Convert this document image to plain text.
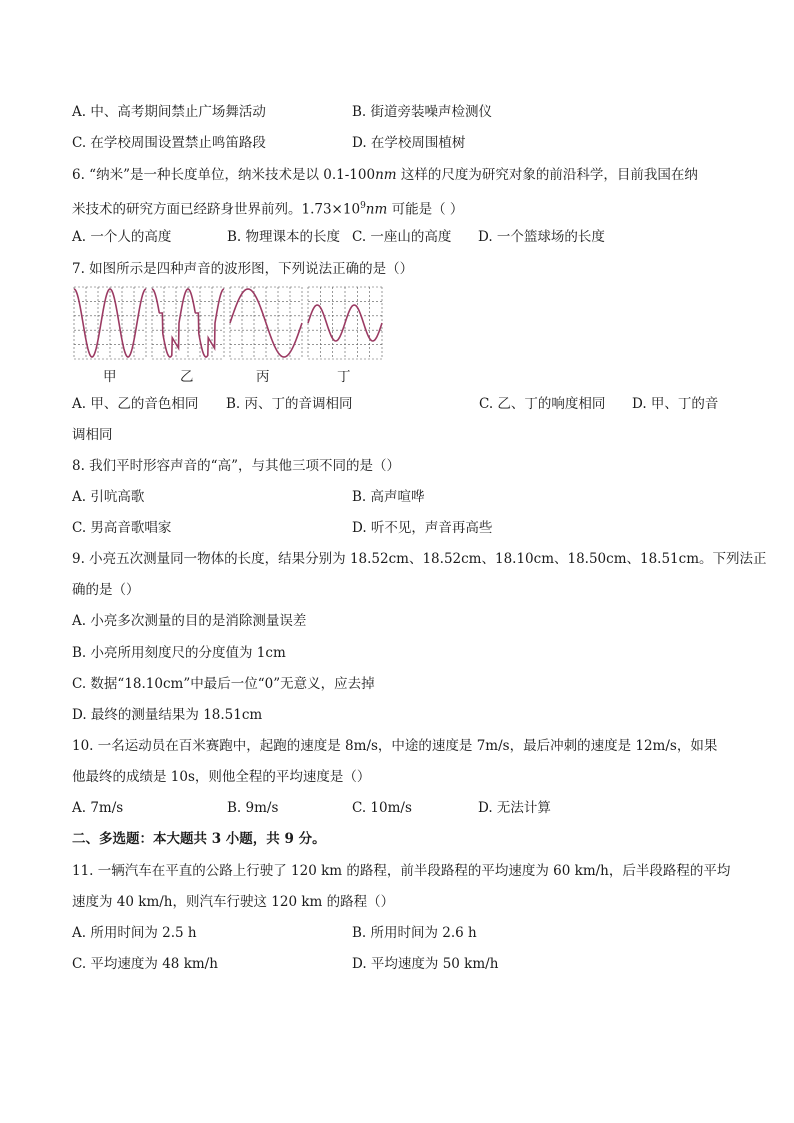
A. 中、高考期间禁止广场舞活动	B. 街道旁装噪声检测仪
C. 在学校周围设置禁止鸣笛路段	D. 在学校周围植树
6. “纳米”是一种长度单位，纳米技术是以 0.1-100nm 这样的尺度为研究对象的前沿科学，目前我国在纳
米技术的研究方面已经跻身世界前列。$1.73\times 10^9nm$ 可能是（ ）
A. 一个人的高度	B. 物理课本的长度 C. 一座山的高度 D. 一个篮球场的长度
7. 如图所示是四种声音的波形图，下列说法正确的是（）
甲	乙	丙	丁
A. 甲、乙的音色相同 B. 丙、丁的音调相同	C. 乙、丁的响度相同 D. 甲、丁的音
调相同
8. 我们平时形容声音的“高”，与其他三项不同的是（）
A. 引吭高歌	B. 高声喧哗
C. 男高音歌唱家	D. 听不见，声音再高些
9. 小亮五次测量同一物体的长度，结果分别为 18.52cm、18.52cm、18.10cm、18.50cm、18.51cm。下列法正
确的是（）
A. 小亮多次测量的目的是消除测量误差
B. 小亮所用刻度尺的分度值为 1cm
C. 数据“18.10cm”中最后一位“0”无意义，应去掉
D. 最终的测量结果为 18.51cm
10. 一名运动员在百米赛跑中，起跑的速度是 8m/s，中途的速度是 7m/s，最后冲刺的速度是 12m/s，如果
他最终的成绩是 10s，则他全程的平均速度是（）
A. 7m/s	B. 9m/s	C. 10m/s	D. 无法计算
二、多选题：本大题共 3 小题，共 9 分。
11. 一辆汽车在平直的公路上行驶了 120 km 的路程，前半段路程的平均速度为 60 km/h，后半段路程的平均
速度为 40 km/h，则汽车行驶这 120 km 的路程（）
A. 所用时间为 2.5 h	B. 所用时间为 2.6 h
C. 平均速度为 48 km/h	D. 平均速度为 50 km/h
